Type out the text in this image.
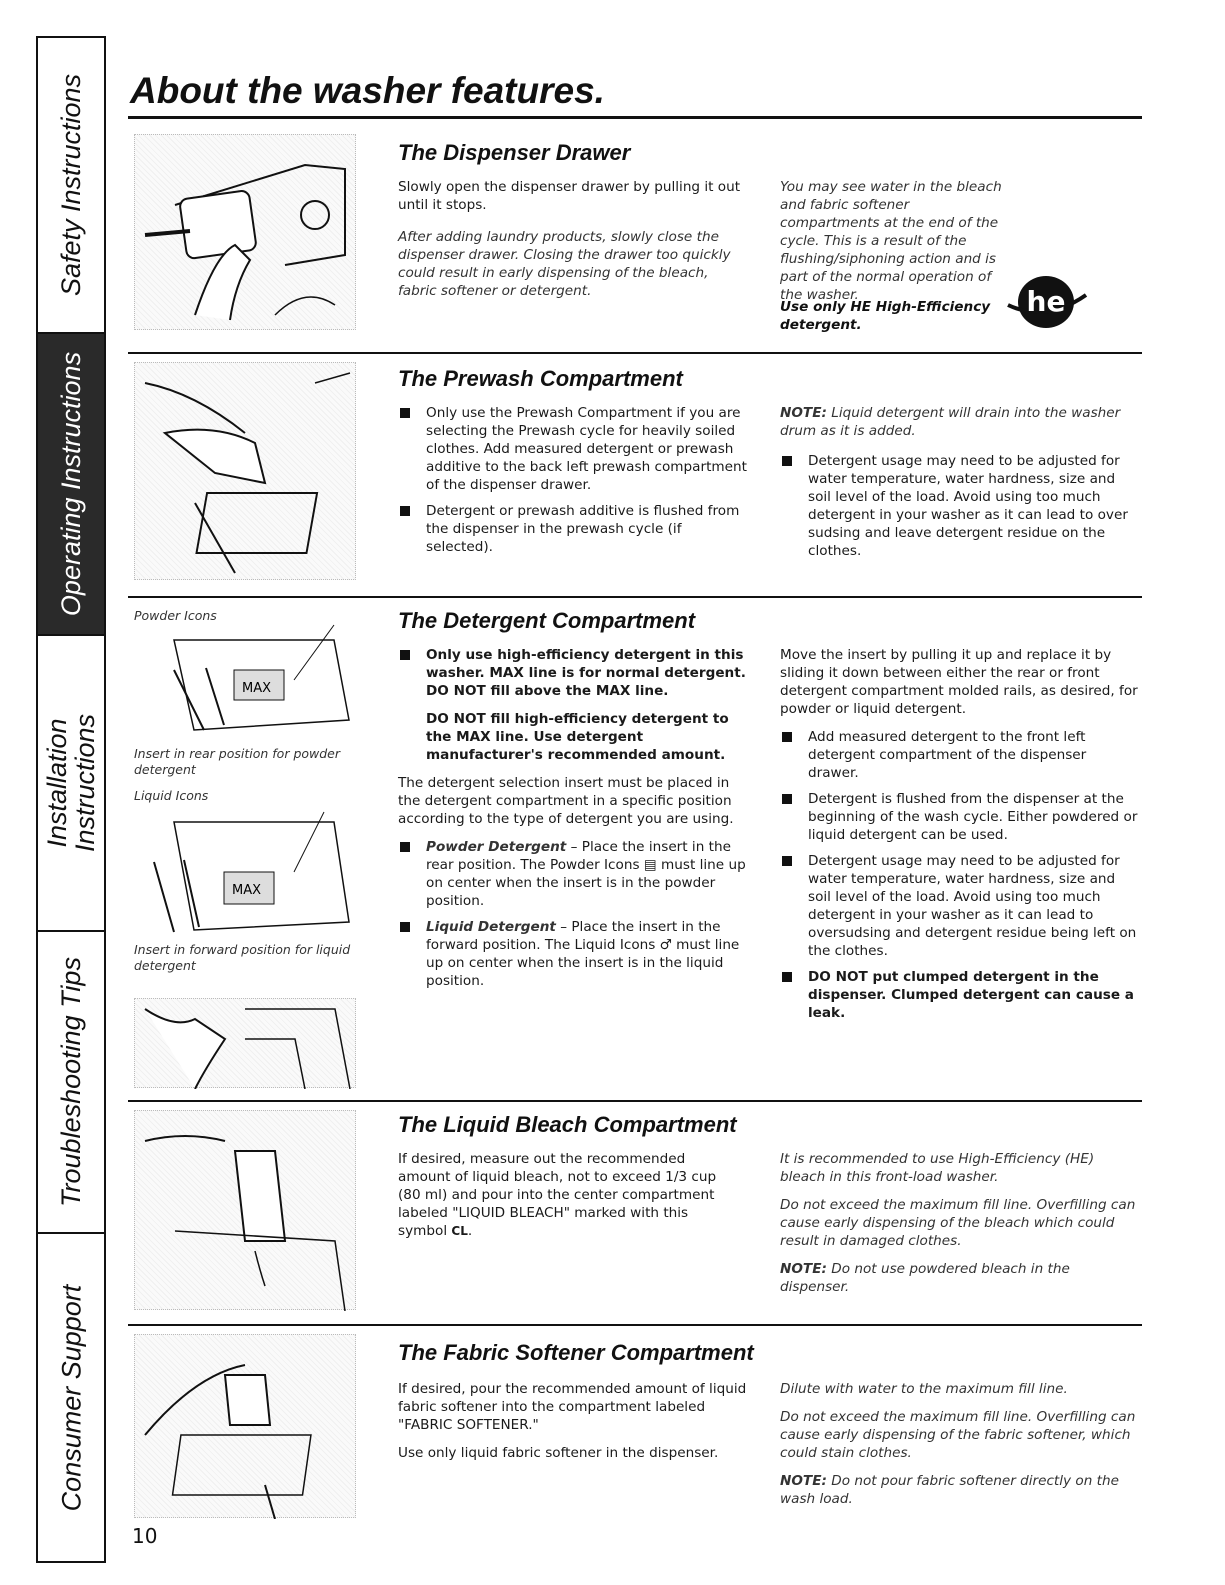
Safety Instructions
Operating Instructions
Installation
Instructions
Troubleshooting Tips
Consumer Support
About the washer features.
The Dispenser Drawer

Slowly open the dispenser drawer by pulling it out until it stops.

After adding laundry products, slowly close the dispenser drawer. Closing the drawer too quickly could result in early dispensing of the bleach, fabric softener or detergent.

You may see water in the bleach and fabric softener compartments at the end of the cycle. This is a result of the flushing/siphoning action and is part of the normal operation of the washer.

Use only HE High-Efficiency detergent.
he
The Prewash Compartment
Only use the Prewash Compartment if you are selecting the Prewash cycle for heavily soiled clothes. Add measured detergent or prewash additive to the back left prewash compartment of the dispenser drawer.
Detergent or prewash additive is flushed from the dispenser in the prewash cycle (if selected).

NOTE: Liquid detergent will drain into the washer drum as it is added.

Detergent usage may need to be adjusted for water temperature, water hardness, size and soil level of the load. Avoid using too much detergent in your washer as it can lead to over sudsing and leave detergent residue on the clothes.
Powder Icons
MAX
Insert in rear position for powder detergent
Liquid Icons
MAX
Insert in forward position for liquid detergent
The Detergent Compartment
Only use high-efficiency detergent in this washer. MAX line is for normal detergent. DO NOT fill above the MAX line.

DO NOT fill high-efficiency detergent to the MAX line. Use detergent manufacturer's recommended amount.

The detergent selection insert must be placed in the detergent compartment in a specific position according to the type of detergent you are using.

Powder Detergent – Place the insert in the rear position. The Powder Icons ▤ must line up on center when the insert is in the powder position.
Liquid Detergent – Place the insert in the forward position. The Liquid Icons ♂ must line up on center when the insert is in the liquid position.

Move the insert by pulling it up and replace it by sliding it down between either the rear or front detergent compartment molded rails, as desired, for powder or liquid detergent.

Add measured detergent to the front left detergent compartment of the dispenser drawer.
Detergent is flushed from the dispenser at the beginning of the wash cycle. Either powdered or liquid detergent can be used.
Detergent usage may need to be adjusted for water temperature, water hardness, size and soil level of the load. Avoid using too much detergent in your washer as it can lead to oversudsing and detergent residue being left on the clothes.
DO NOT put clumped detergent in the dispenser. Clumped detergent can cause a leak.
The Liquid Bleach Compartment

If desired, measure out the recommended amount of liquid bleach, not to exceed 1/3 cup (80 ml) and pour into the center compartment labeled "LIQUID BLEACH" marked with this symbol CL.

It is recommended to use High-Efficiency (HE) bleach in this front-load washer.

Do not exceed the maximum fill line. Overfilling can cause early dispensing of the bleach which could result in damaged clothes.

NOTE: Do not use powdered bleach in the dispenser.

The Fabric Softener Compartment

If desired, pour the recommended amount of liquid fabric softener into the compartment labeled "FABRIC SOFTENER."

Use only liquid fabric softener in the dispenser.

Dilute with water to the maximum fill line.

Do not exceed the maximum fill line. Overfilling can cause early dispensing of the fabric softener, which could stain clothes.

NOTE: Do not pour fabric softener directly on the wash load.

10
